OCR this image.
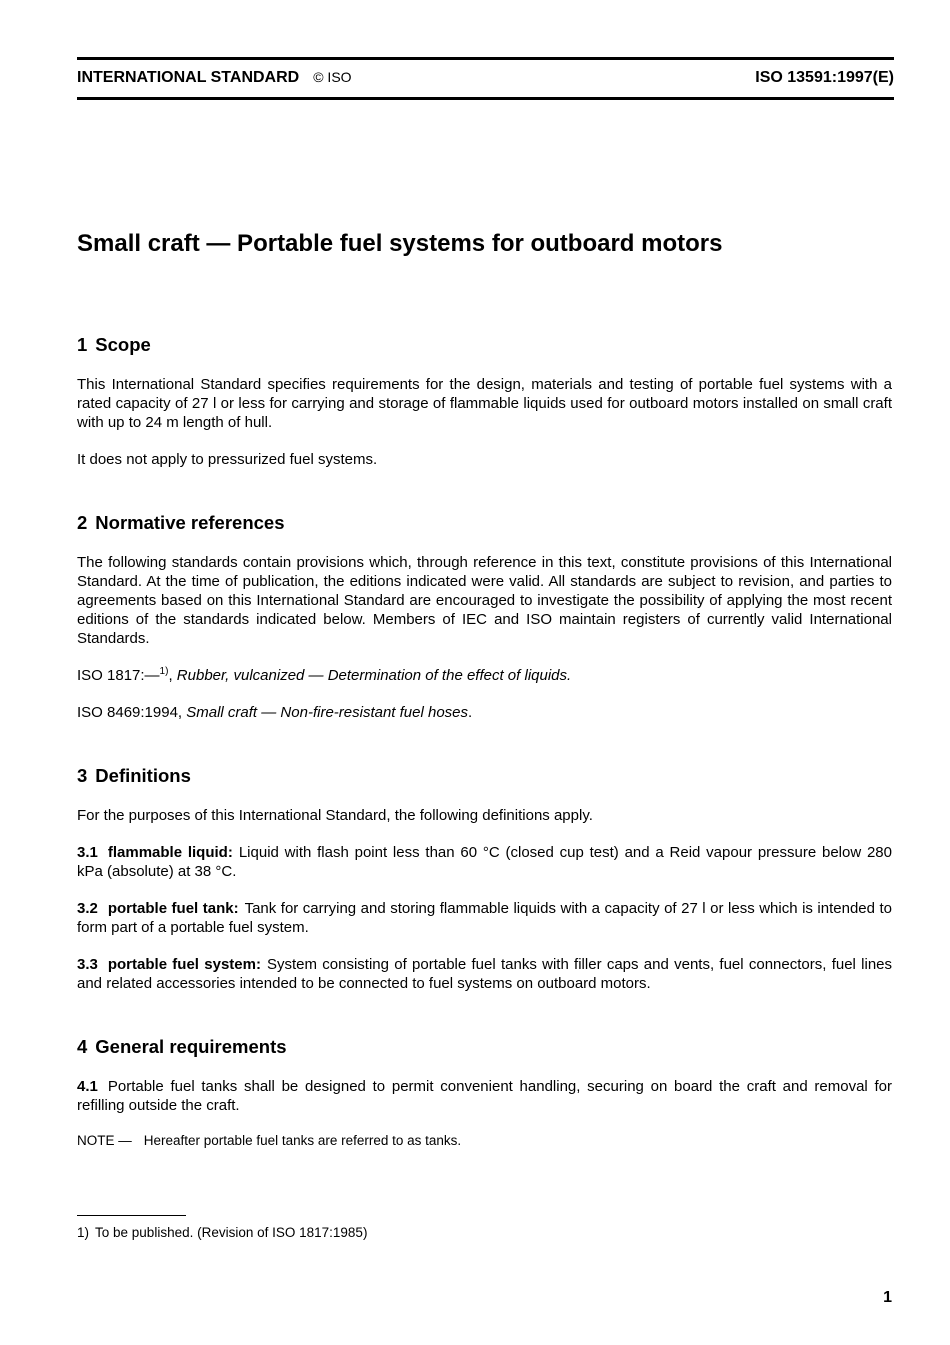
INTERNATIONAL STANDARD © ISO	ISO 13591:1997(E)
Small craft — Portable fuel systems for outboard motors
1 Scope

This International Standard specifies requirements for the design, materials and testing of portable fuel systems with a rated capacity of 27 l or less for carrying and storage of flammable liquids used for outboard motors installed on small craft with up to 24 m length of hull.

It does not apply to pressurized fuel systems.

2 Normative references

The following standards contain provisions which, through reference in this text, constitute provisions of this International Standard. At the time of publication, the editions indicated were valid. All standards are subject to revision, and parties to agreements based on this International Standard are encouraged to investigate the possibility of applying the most recent editions of the standards indicated below. Members of IEC and ISO maintain registers of currently valid International Standards.

ISO 1817:—$^{1)}$, Rubber, vulcanized — Determination of the effect of liquids.

ISO 8469:1994, Small craft — Non-fire-resistant fuel hoses.

3 Definitions

For the purposes of this International Standard, the following definitions apply.

3.1 flammable liquid: Liquid with flash point less than 60 °C (closed cup test) and a Reid vapour pressure below 280 kPa (absolute) at 38 °C.

3.2 portable fuel tank: Tank for carrying and storing flammable liquids with a capacity of 27 l or less which is intended to form part of a portable fuel system.

3.3 portable fuel system: System consisting of portable fuel tanks with filler caps and vents, fuel connectors, fuel lines and related accessories intended to be connected to fuel systems on outboard motors.

4 General requirements

4.1 Portable fuel tanks shall be designed to permit convenient handling, securing on board the craft and removal for refilling outside the craft.

NOTE — Hereafter portable fuel tanks are referred to as tanks.

1) To be published. (Revision of ISO 1817:1985)
1
